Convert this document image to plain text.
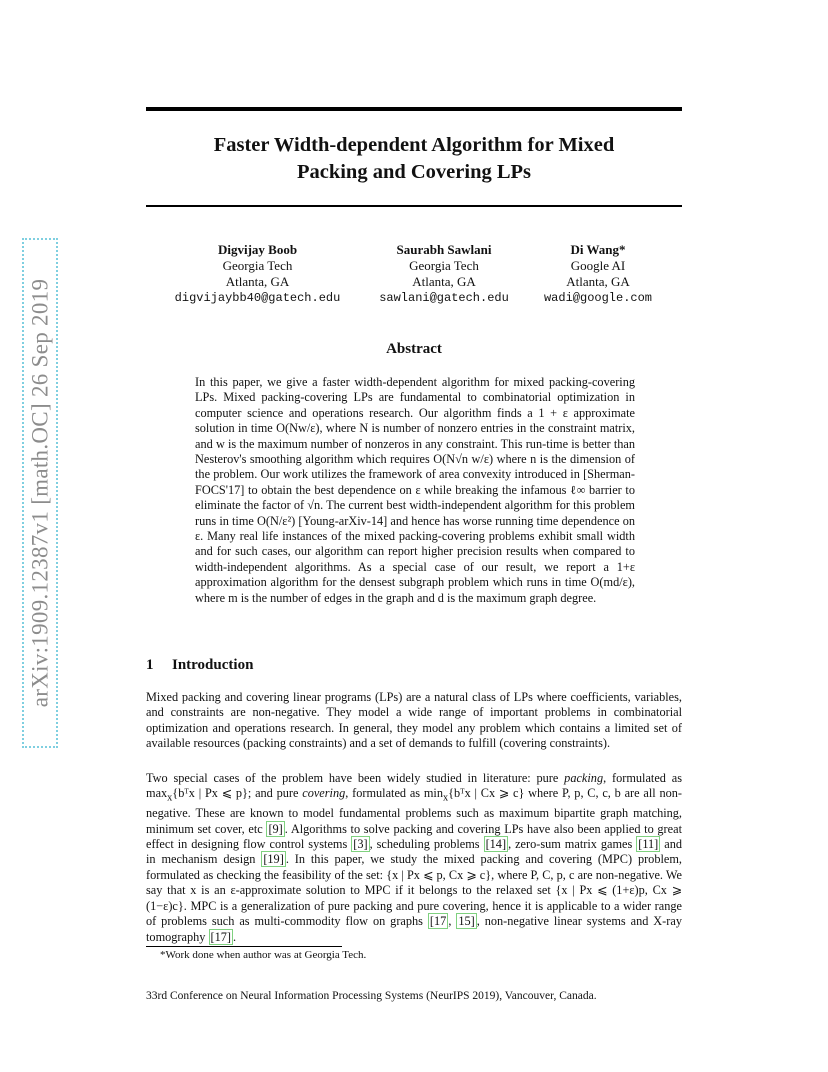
arXiv:1909.12387v1 [math.OC] 26 Sep 2019
Faster Width-dependent Algorithm for Mixed
Packing and Covering LPs
Digvijay Boob
Georgia Tech
Atlanta, GA
digvijaybb40@gatech.edu
Saurabh Sawlani
Georgia Tech
Atlanta, GA
sawlani@gatech.edu
Di Wang*
Google AI
Atlanta, GA
wadi@google.com
Abstract

In this paper, we give a faster width-dependent algorithm for mixed packing-covering LPs. Mixed packing-covering LPs are fundamental to combinatorial optimization in computer science and operations research. Our algorithm finds a 1 + ε approximate solution in time O(Nw/ε), where N is number of nonzero entries in the constraint matrix, and w is the maximum number of nonzeros in any constraint. This run-time is better than Nesterov's smoothing algorithm which requires O(N√n w/ε) where n is the dimension of the problem. Our work utilizes the framework of area convexity introduced in [Sherman-FOCS'17] to obtain the best dependence on ε while breaking the infamous ℓ∞ barrier to eliminate the factor of √n. The current best width-independent algorithm for this problem runs in time O(N/ε²) [Young-arXiv-14] and hence has worse running time dependence on ε. Many real life instances of the mixed packing-covering problems exhibit small width and for such cases, our algorithm can report higher precision results when compared to width-independent algorithms. As a special case of our result, we report a 1+ε approximation algorithm for the densest subgraph problem which runs in time O(md/ε), where m is the number of edges in the graph and d is the maximum graph degree.

1 Introduction

Mixed packing and covering linear programs (LPs) are a natural class of LPs where coefficients, variables, and constraints are non-negative. They model a wide range of important problems in combinatorial optimization and operations research. In general, they model any problem which contains a limited set of available resources (packing constraints) and a set of demands to fulfill (covering constraints).

Two special cases of the problem have been widely studied in literature: pure packing, formulated as $\max_x\{bᵀx$ | Px ⩽ p}; and pure covering, formulated as $\min_x\{bᵀx$ | Cx ⩾ c} where P, p, C, c, b are all non-negative. These are known to model fundamental problems such as maximum bipartite graph matching, minimum set cover, etc [9] . Algorithms to solve packing and covering LPs have also been applied to great effect in designing flow control systems [3] , scheduling problems [14] , zero-sum matrix games [11] and in mechanism design [19] . In this paper, we study the mixed packing and covering (MPC) problem, formulated as checking the feasibility of the set: {x | Px ⩽ p, Cx ⩾ c}, where P, C, p, c are non-negative. We say that x is an ε-approximate solution to MPC if it belongs to the relaxed set {x | Px ⩽ (1+ε)p, Cx ⩾ (1−ε)c}. MPC is a generalization of pure packing and pure covering, hence it is applicable to a wider range of problems such as multi-commodity flow on graphs [17 , 15] , non-negative linear systems and X-ray tomography [17] .

*Work done when author was at Georgia Tech.

33rd Conference on Neural Information Processing Systems (NeurIPS 2019), Vancouver, Canada.
